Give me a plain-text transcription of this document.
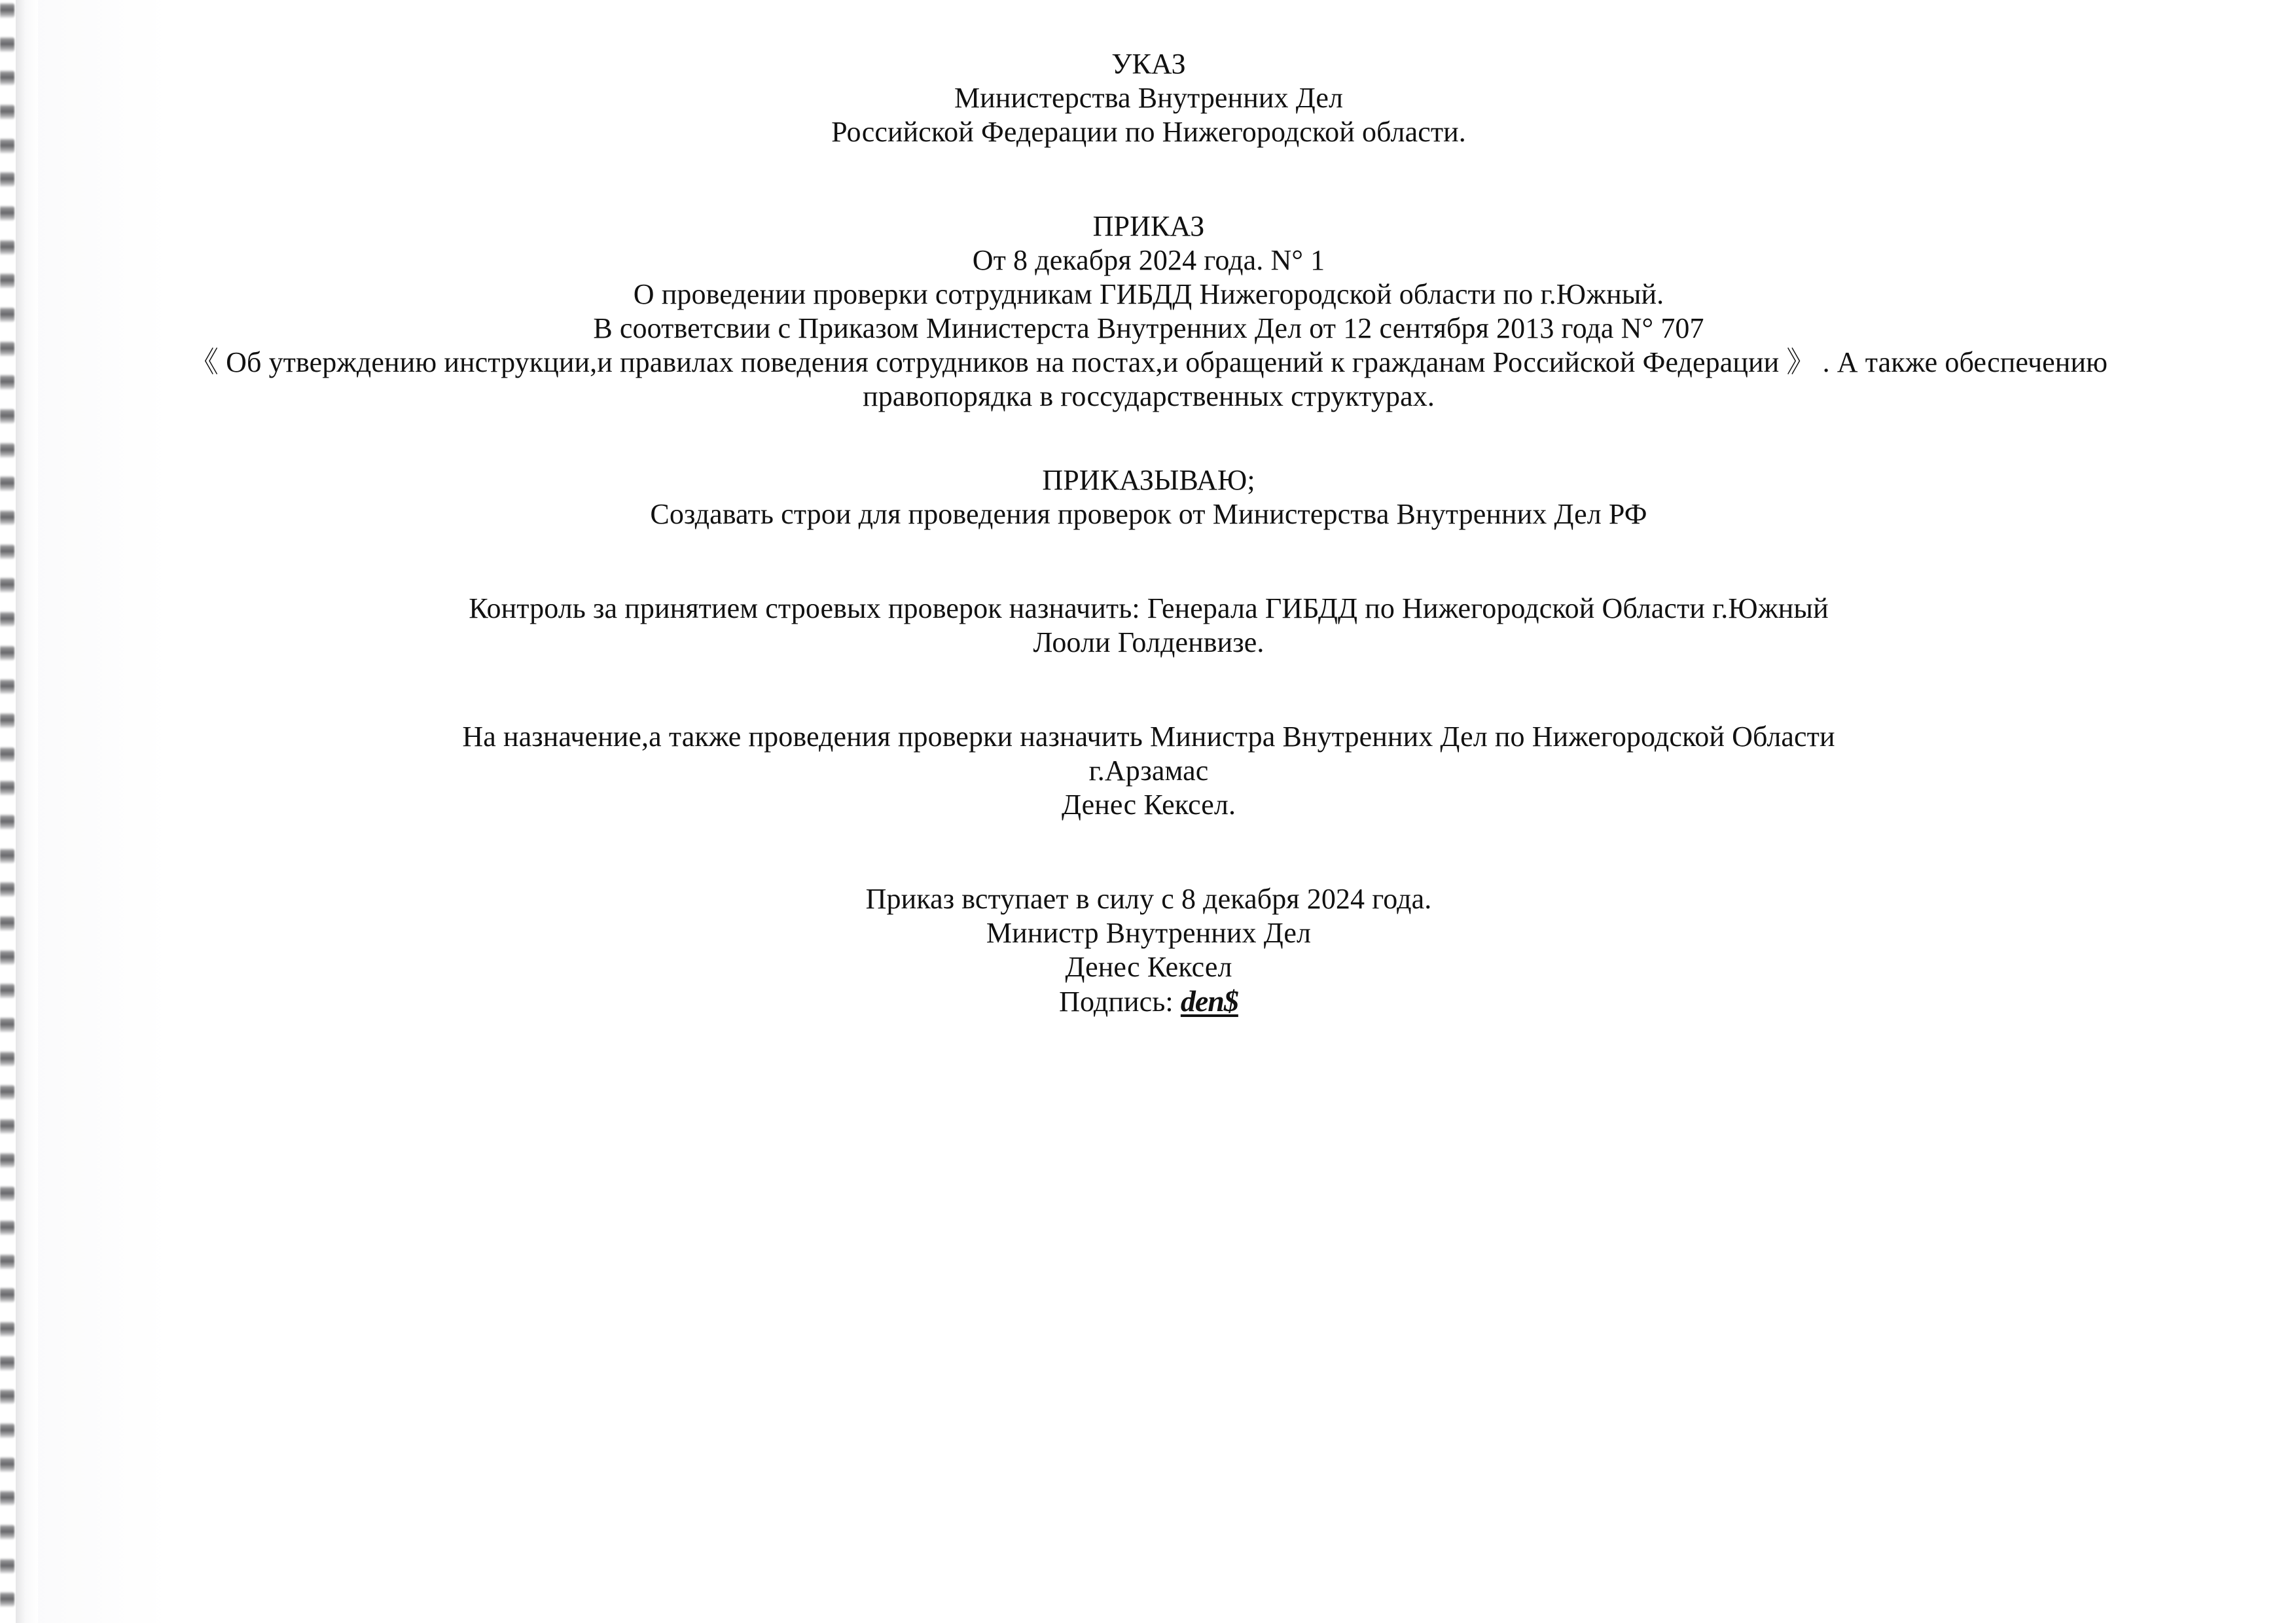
УКАЗ
Министерства Внутренних Дел
Российской Федерации по Нижегородской области.
ПРИКАЗ
От 8 декабря 2024 года. N° 1
О проведении проверки сотрудникам ГИБДД Нижегородской области по г.Южный.
В соответсвии с Приказом Министерста Внутренних Дел от 12 сентября 2013 года N° 707
《 Об утверждению инструкции,и правилах поведения сотрудников на постах,и обращений к гражданам Российской Федерации 》 . А также обеспечению правопорядка в госсударственных структурах.
ПРИКАЗЫВАЮ;
Создавать строи для проведения проверок от Министерства Внутренних Дел РФ
Контроль за принятием строевых проверок назначить: Генерала ГИБДД по Нижегородской Области г.Южный
Лооли Голденвизе.
На назначение,а также проведения проверки назначить Министра Внутренних Дел по Нижегородской Области
г.Арзамас
Денес Кексел.
Приказ вступает в силу с 8 декабря 2024 года.
Министр Внутренних Дел
Денес Кексел
Подпись: den$
